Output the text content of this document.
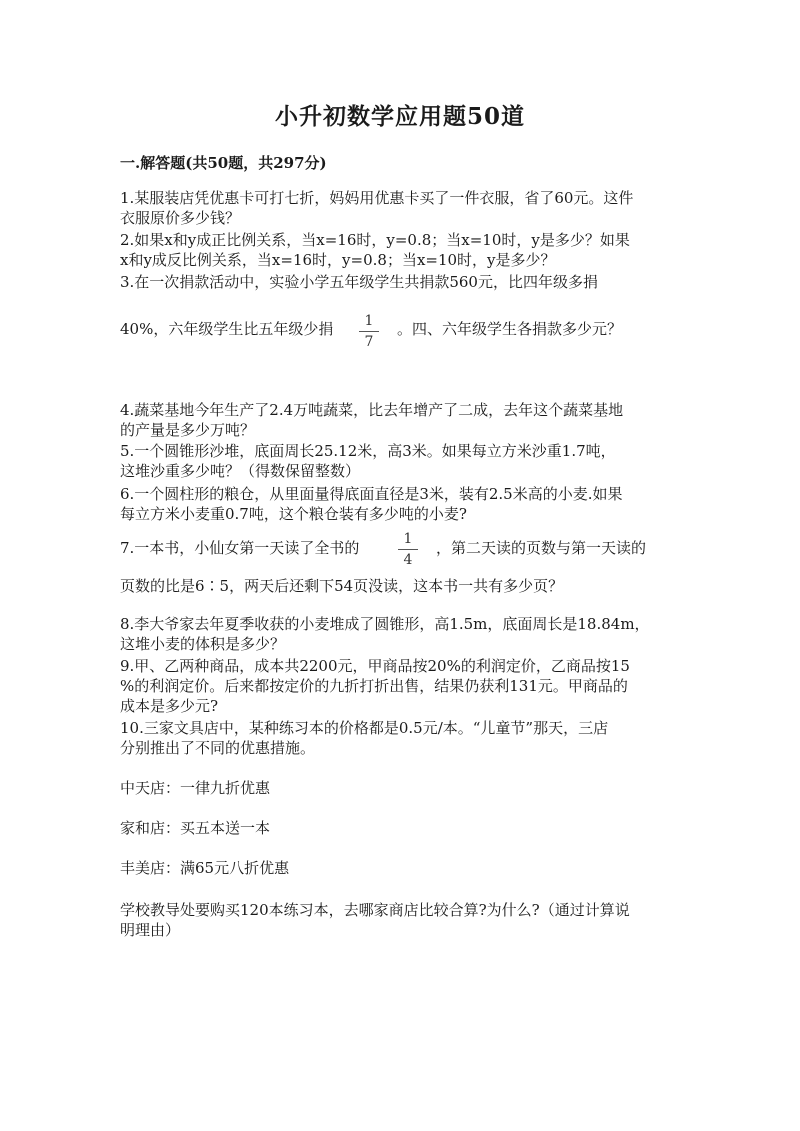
小升初数学应用题50道
一.解答题(共50题，共297分)
1.某服装店凭优惠卡可打七折，妈妈用优惠卡买了一件衣服，省了60元。这件
衣服原价多少钱？
2.如果x和y成正比例关系，当x=16时，y=0.8；当x=10时，y是多少？如果
x和y成反比例关系，当x=16时，y=0.8；当x=10时，y是多少？
3.在一次捐款活动中，实验小学五年级学生共捐款560元，比四年级多捐
40%，六年级学生比五年级少捐 $\frac{1}{7}$ 。四、六年级学生各捐款多少元？
4.蔬菜基地今年生产了2.4万吨蔬菜，比去年增产了二成，去年这个蔬菜基地
的产量是多少万吨？
5.一个圆锥形沙堆，底面周长25.12米，高3米。如果每立方米沙重1.7吨，
这堆沙重多少吨？（得数保留整数）
6.一个圆柱形的粮仓，从里面量得底面直径是3米，装有2.5米高的小麦.如果
每立方米小麦重0.7吨，这个粮仓装有多少吨的小麦?
7.一本书，小仙女第一天读了全书的	$\frac{1}{4}$ ，第二天读的页数与第一天读的
页数的比是6∶5，两天后还剩下54页没读，这本书一共有多少页？
8.李大爷家去年夏季收获的小麦堆成了圆锥形，高1.5m，底面周长是18.84m，
这堆小麦的体积是多少？
9.甲、乙两种商品，成本共2200元，甲商品按20%的利润定价，乙商品按15
%的利润定价。后来都按定价的九折打折出售，结果仍获利131元。甲商品的
成本是多少元?
10.三家文具店中，某种练习本的价格都是0.5元/本。“儿童节”那天，三店
分别推出了不同的优惠措施。
中天店：一律九折优惠
家和店：买五本送一本
丰美店：满65元八折优惠
学校教导处要购买120本练习本，去哪家商店比较合算?为什么?（通过计算说
明理由）
